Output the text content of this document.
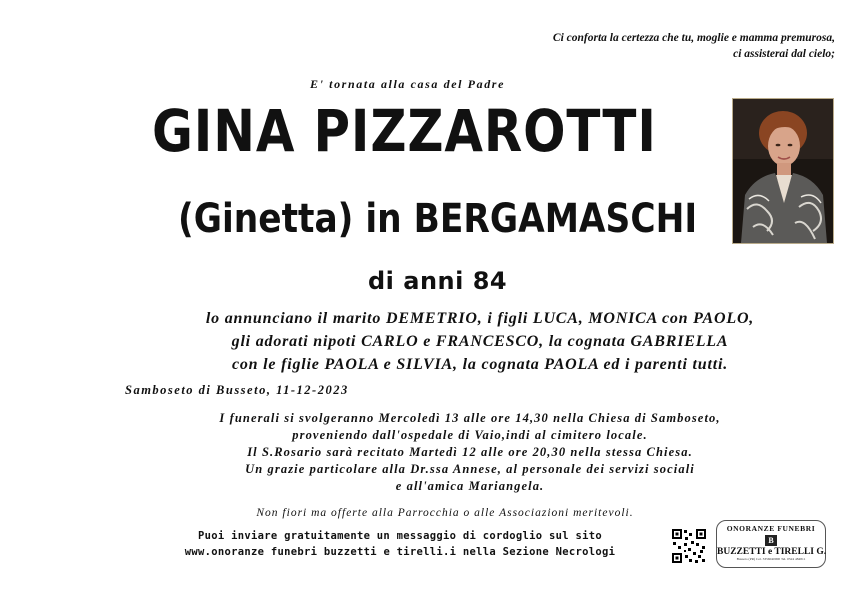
Ci conforta la certezza che tu, moglie e mamma premurosa,
ci assisterai dal cielo;
E' tornata alla casa del Padre
GINA PIZZAROTTI
(Ginetta) in BERGAMASCHI
di anni 84
lo annunciano il marito DEMETRIO, i figli LUCA, MONICA con PAOLO,
gli adorati nipoti CARLO e FRANCESCO, la cognata GABRIELLA
con le figlie PAOLA e SILVIA, la cognata PAOLA ed i parenti tutti.
Samboseto di Busseto, 11-12-2023
I funerali si svolgeranno Mercoledì 13 alle ore 14,30 nella Chiesa di Samboseto,
proveniendo dall'ospedale di Vaio,indi al cimitero locale.
Il S.Rosario sarà recitato Martedì 12 alle ore 20,30 nella stessa Chiesa.
Un grazie particolare alla Dr.ssa Annese, al personale dei servizi sociali
e all'amica Mariangela.
Non fiori ma offerte alla Parrocchia o alle Associazioni meritevoli.
Puoi inviare gratuitamente un messaggio di cordoglio sul sito
www.onoranze funebri buzzetti e tirelli.i nella Sezione Necrologi
ONORANZE FUNEBRI
B
BUZZETTI e TIRELLI G.
Busseto (PR) Cel. 3356040000 Tel. 0524 484811
